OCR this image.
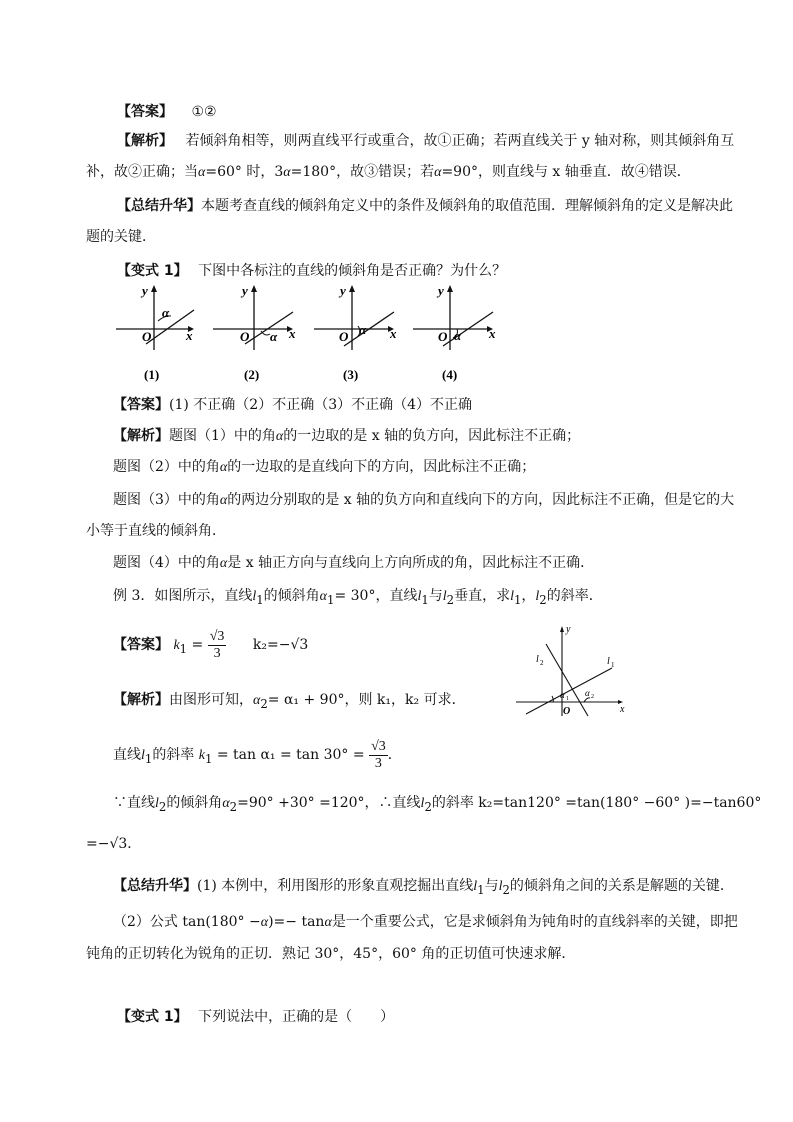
【答案】 ①②
【解析】 若倾斜角相等，则两直线平行或重合，故①正确；若两直线关于 y 轴对称，则其倾斜角互
补，故②正确；当α=60° 时，3α=180°，故③错误；若α=90°，则直线与 x 轴垂直．故④错误．
【总结升华】本题考查直线的倾斜角定义中的条件及倾斜角的取值范围．理解倾斜角的定义是解决此
题的关键．
【变式 1】 下图中各标注的直线的倾斜角是否正确？为什么？
α
O	x
y
(1)
α
O	x
y
(2)
α
O	x
y
(3)
α
O	x
y
(4)
【答案】(1) 不正确（2）不正确（3）不正确（4）不正确
【解析】题图（1）中的角α的一边取的是 x 轴的负方向，因此标注不正确；
题图（2）中的角α的一边取的是直线向下的方向，因此标注不正确；
题图（3）中的角α的两边分别取的是 x 轴的负方向和直线向下的方向，因此标注不正确，但是它的大
小等于直线的倾斜角．
题图（4）中的角α是 x 轴正方向与直线向上方向所成的角，因此标注不正确．
例 3．如图所示，直线$l_1$的倾斜角$\alpha_1= 30^\circ$，直线$l_1$与$l_2$垂直，求$l_1$，$l_2$的斜率．
【答案】 $k_1 = \frac{√3}{3} k_2=-√3$
【解析】由图形可知，$\alpha_2= \alpha_1 + 90^\circ$，则 k₁，k₂ 可求．
y
x
O
l 1
l 2
α 1
α 2
直线$l_1$的斜率 $k_1 = \tan \alpha_1 = \tan 30^\circ = \frac{√3}{3}$ ．
∵直线$l_2$的倾斜角$\alpha_2=90^\circ +30^\circ =120^\circ$，∴直线$l_2$的斜率 k₂=tan120° =tan(180° −60° )=−tan60°
=−√3．
【总结升华】(1) 本例中，利用图形的形象直观挖掘出直线$l_1$与$l_2$的倾斜角之间的关系是解题的关键．
（2）公式 tan(180° −α)=− tanα是一个重要公式，它是求倾斜角为钝角时的直线斜率的关键，即把
钝角的正切转化为锐角的正切．熟记 30°，45°，60° 角的正切值可快速求解．
【变式 1】 下列说法中，正确的是（　　）
